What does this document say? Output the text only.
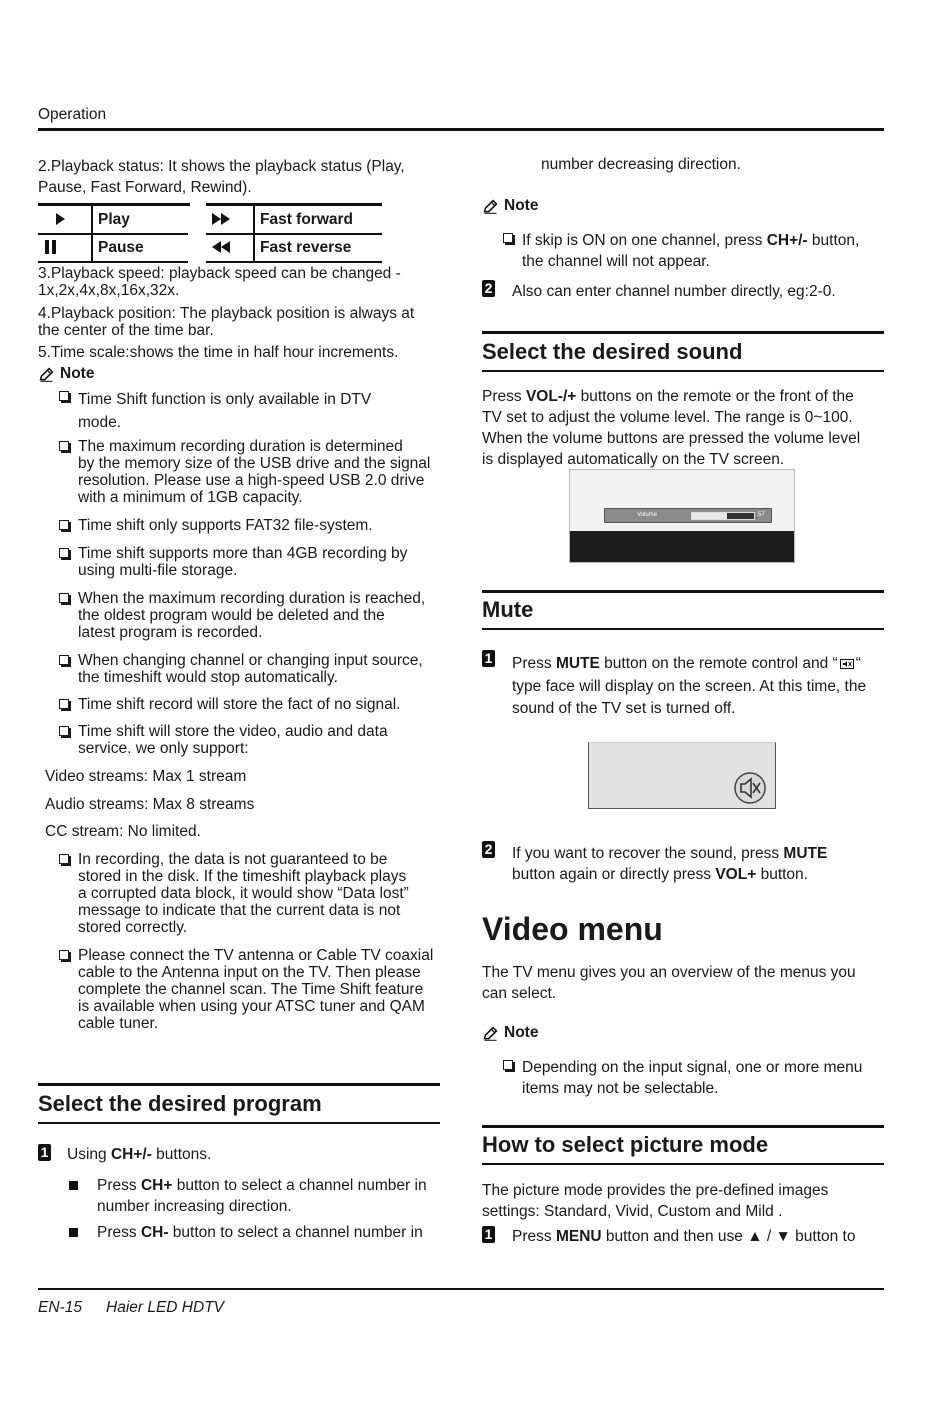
Operation
2.Playback status: It shows the playback status (Play, Pause, Fast Forward, Rewind).
Play	Fast forward
Pause	Fast reverse
3.Playback speed: playback speed can be changed -
1x,2x,4x,8x,16x,32x.
4.Playback position: The playback position is always at
the center of the time bar.
5.Time scale:shows the time in half hour increments.
Note
Time Shift function is only available in DTV
mode.
The maximum recording duration is determined
by the memory size of the USB drive and the signal
resolution. Please use a high-speed USB 2.0 drive
with a minimum of 1GB capacity.
Time shift only supports FAT32 file-system.
Time shift supports more than 4GB recording by
using multi-file storage.
When the maximum recording duration is reached,
the oldest program would be deleted and the
latest program is recorded.
When changing channel or changing input source,
the timeshift would stop automatically.
Time shift record will store the fact of no signal.
Time shift will store the video, audio and data
service. we only support:
Video streams: Max 1 stream
Audio streams: Max 8 streams
CC stream: No limited.
In recording, the data is not guaranteed to be
stored in the disk. If the timeshift playback plays
a corrupted data block, it would show “Data lost”
message to indicate that the current data is not
stored correctly.
Please connect the TV antenna or Cable TV coaxial
cable to the Antenna input on the TV. Then please
complete the channel scan. The Time Shift feature
is available when using your ATSC tuner and QAM
cable tuner.
Select the desired program
1 Using CH+/- buttons.
Press CH+ button to select a channel number in
number increasing direction.
Press CH- button to select a channel number in
number decreasing direction.
Note
If skip is ON on one channel, press CH+/- button,
the channel will not appear.
2 Also can enter channel number directly, eg:2-0.
Select the desired sound
Press VOL-/+ buttons on the remote or the front of the
TV set to adjust the volume level. The range is 0~100.
When the volume buttons are pressed the volume level
is displayed automatically on the TV screen.
Volume	57
Mute
1 Press MUTE button on the remote control and “ “
type face will display on the screen. At this time, the
sound of the TV set is turned off.
2 If you want to recover the sound, press MUTE
button again or directly press VOL+ button.
Video menu
The TV menu gives you an overview of the menus you
can select.
Note
Depending on the input signal, one or more menu
items may not be selectable.
How to select picture mode
The picture mode provides the pre-defined images
settings: Standard, Vivid, Custom and Mild .
1 Press MENU button and then use ▲ / ▼ button to
EN-15 Haier LED HDTV
